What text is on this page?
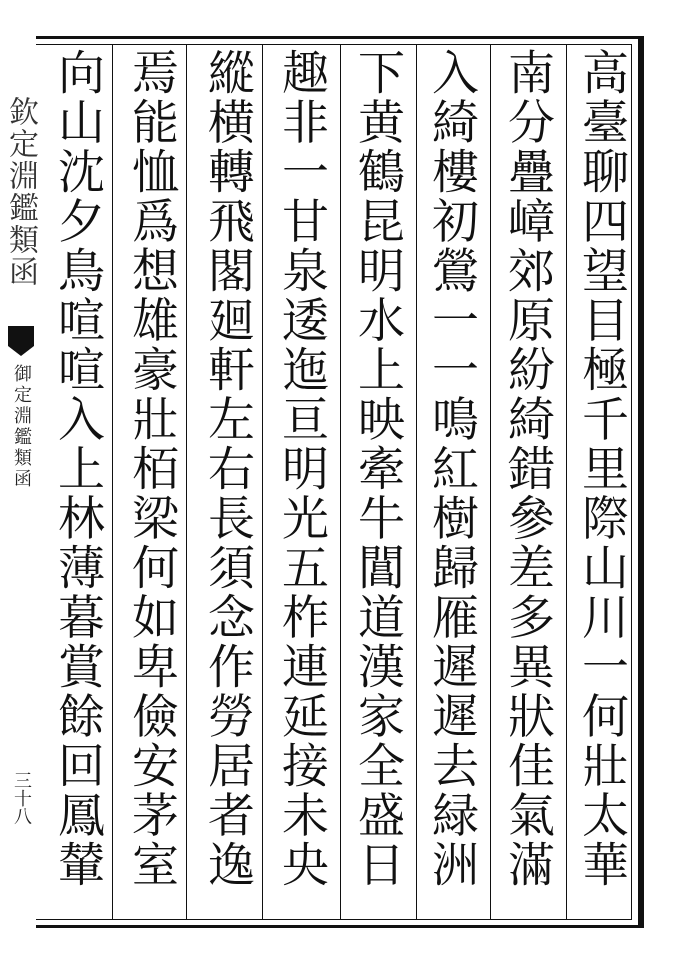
欽定淵鑑類函
御定淵鑑類函
三十八
高臺聊四望目極千里際山川一何壯太華
南分疊嶂郊原紛綺錯參差多異狀佳氣滿
入綺樓初鶯一一鳴紅樹歸雁遲遲去緑洲
下黄鶴昆明水上映牽牛閶道漢家全盛日
趣非一甘泉逶迤亘明光五柞連延接未央
縱横轉飛閣廻軒左右長須念作勞居者逸
焉能恤爲想雄豪壯栢梁何如卑儉安茅室
向山沈夕鳥喧喧入上林薄暮賞餘回鳳輦
